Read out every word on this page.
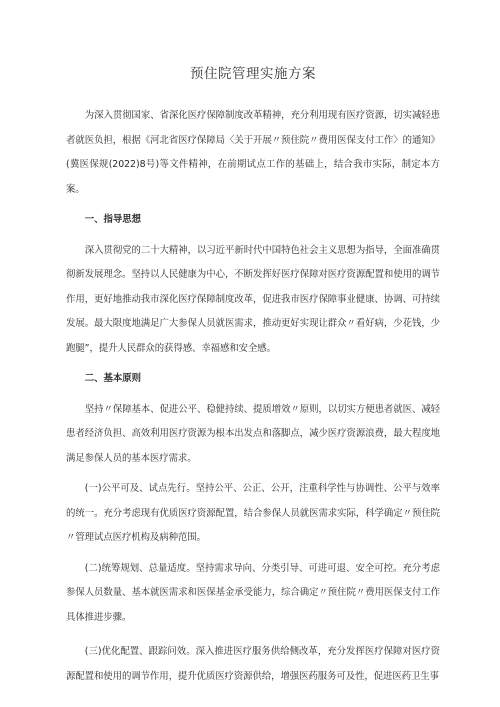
预住院管理实施方案

为深入贯彻国家、省深化医疗保障制度改革精神，充分利用现有医疗资源，切实减轻患者就医负担，根据《河北省医疗保障局〈关于开展〃预住院〃费用医保支付工作〉的通知》(冀医保规(2022)8号)等文件精神，在前期试点工作的基础上，结合我市实际，制定本方案。

一、指导思想

深入贯彻党的二十大精神，以习近平新时代中国特色社会主义思想为指导，全面准确贯彻新发展理念。坚持以人民健康为中心，不断发挥好医疗保障对医疗资源配置和使用的调节作用，更好地推动我市深化医疗保障制度改革，促进我市医疗保障事业健康、协调、可持续发展。最大限度地满足广大参保人员就医需求，推动更好实现让群众〃看好病，少花钱，少跑腿”，提升人民群众的获得感、幸福感和安全感。

二、基本原则

坚持〃保障基本、促进公平、稳健持续、提质增效〃原则，以切实方便患者就医、减轻患者经济负担、高效利用医疗资源为根本出发点和落脚点，减少医疗资源浪费，最大程度地满足参保人员的基本医疗需求。

(一)公平可及、试点先行。坚持公平、公正、公开，注重科学性与协调性、公平与效率的统一。充分考虑现有优质医疗资源配置，结合参保人员就医需求实际，科学确定〃预住院〃管理试点医疗机构及病种范围。

(二)统筹规划、总量适度。坚持需求导向、分类引导、可进可退、安全可控。充分考虑参保人员数量、基本就医需求和医保基金承受能力，综合确定〃预住院〃费用医保支付工作具体推进步骤。

(三)优化配置、跟踪问效。深入推进医疗服务供给侧改革，充分发挥医疗保障对医疗资源配置和使用的调节作用，提升优质医疗资源供给，增强医药服务可及性，促进医药卫生事
